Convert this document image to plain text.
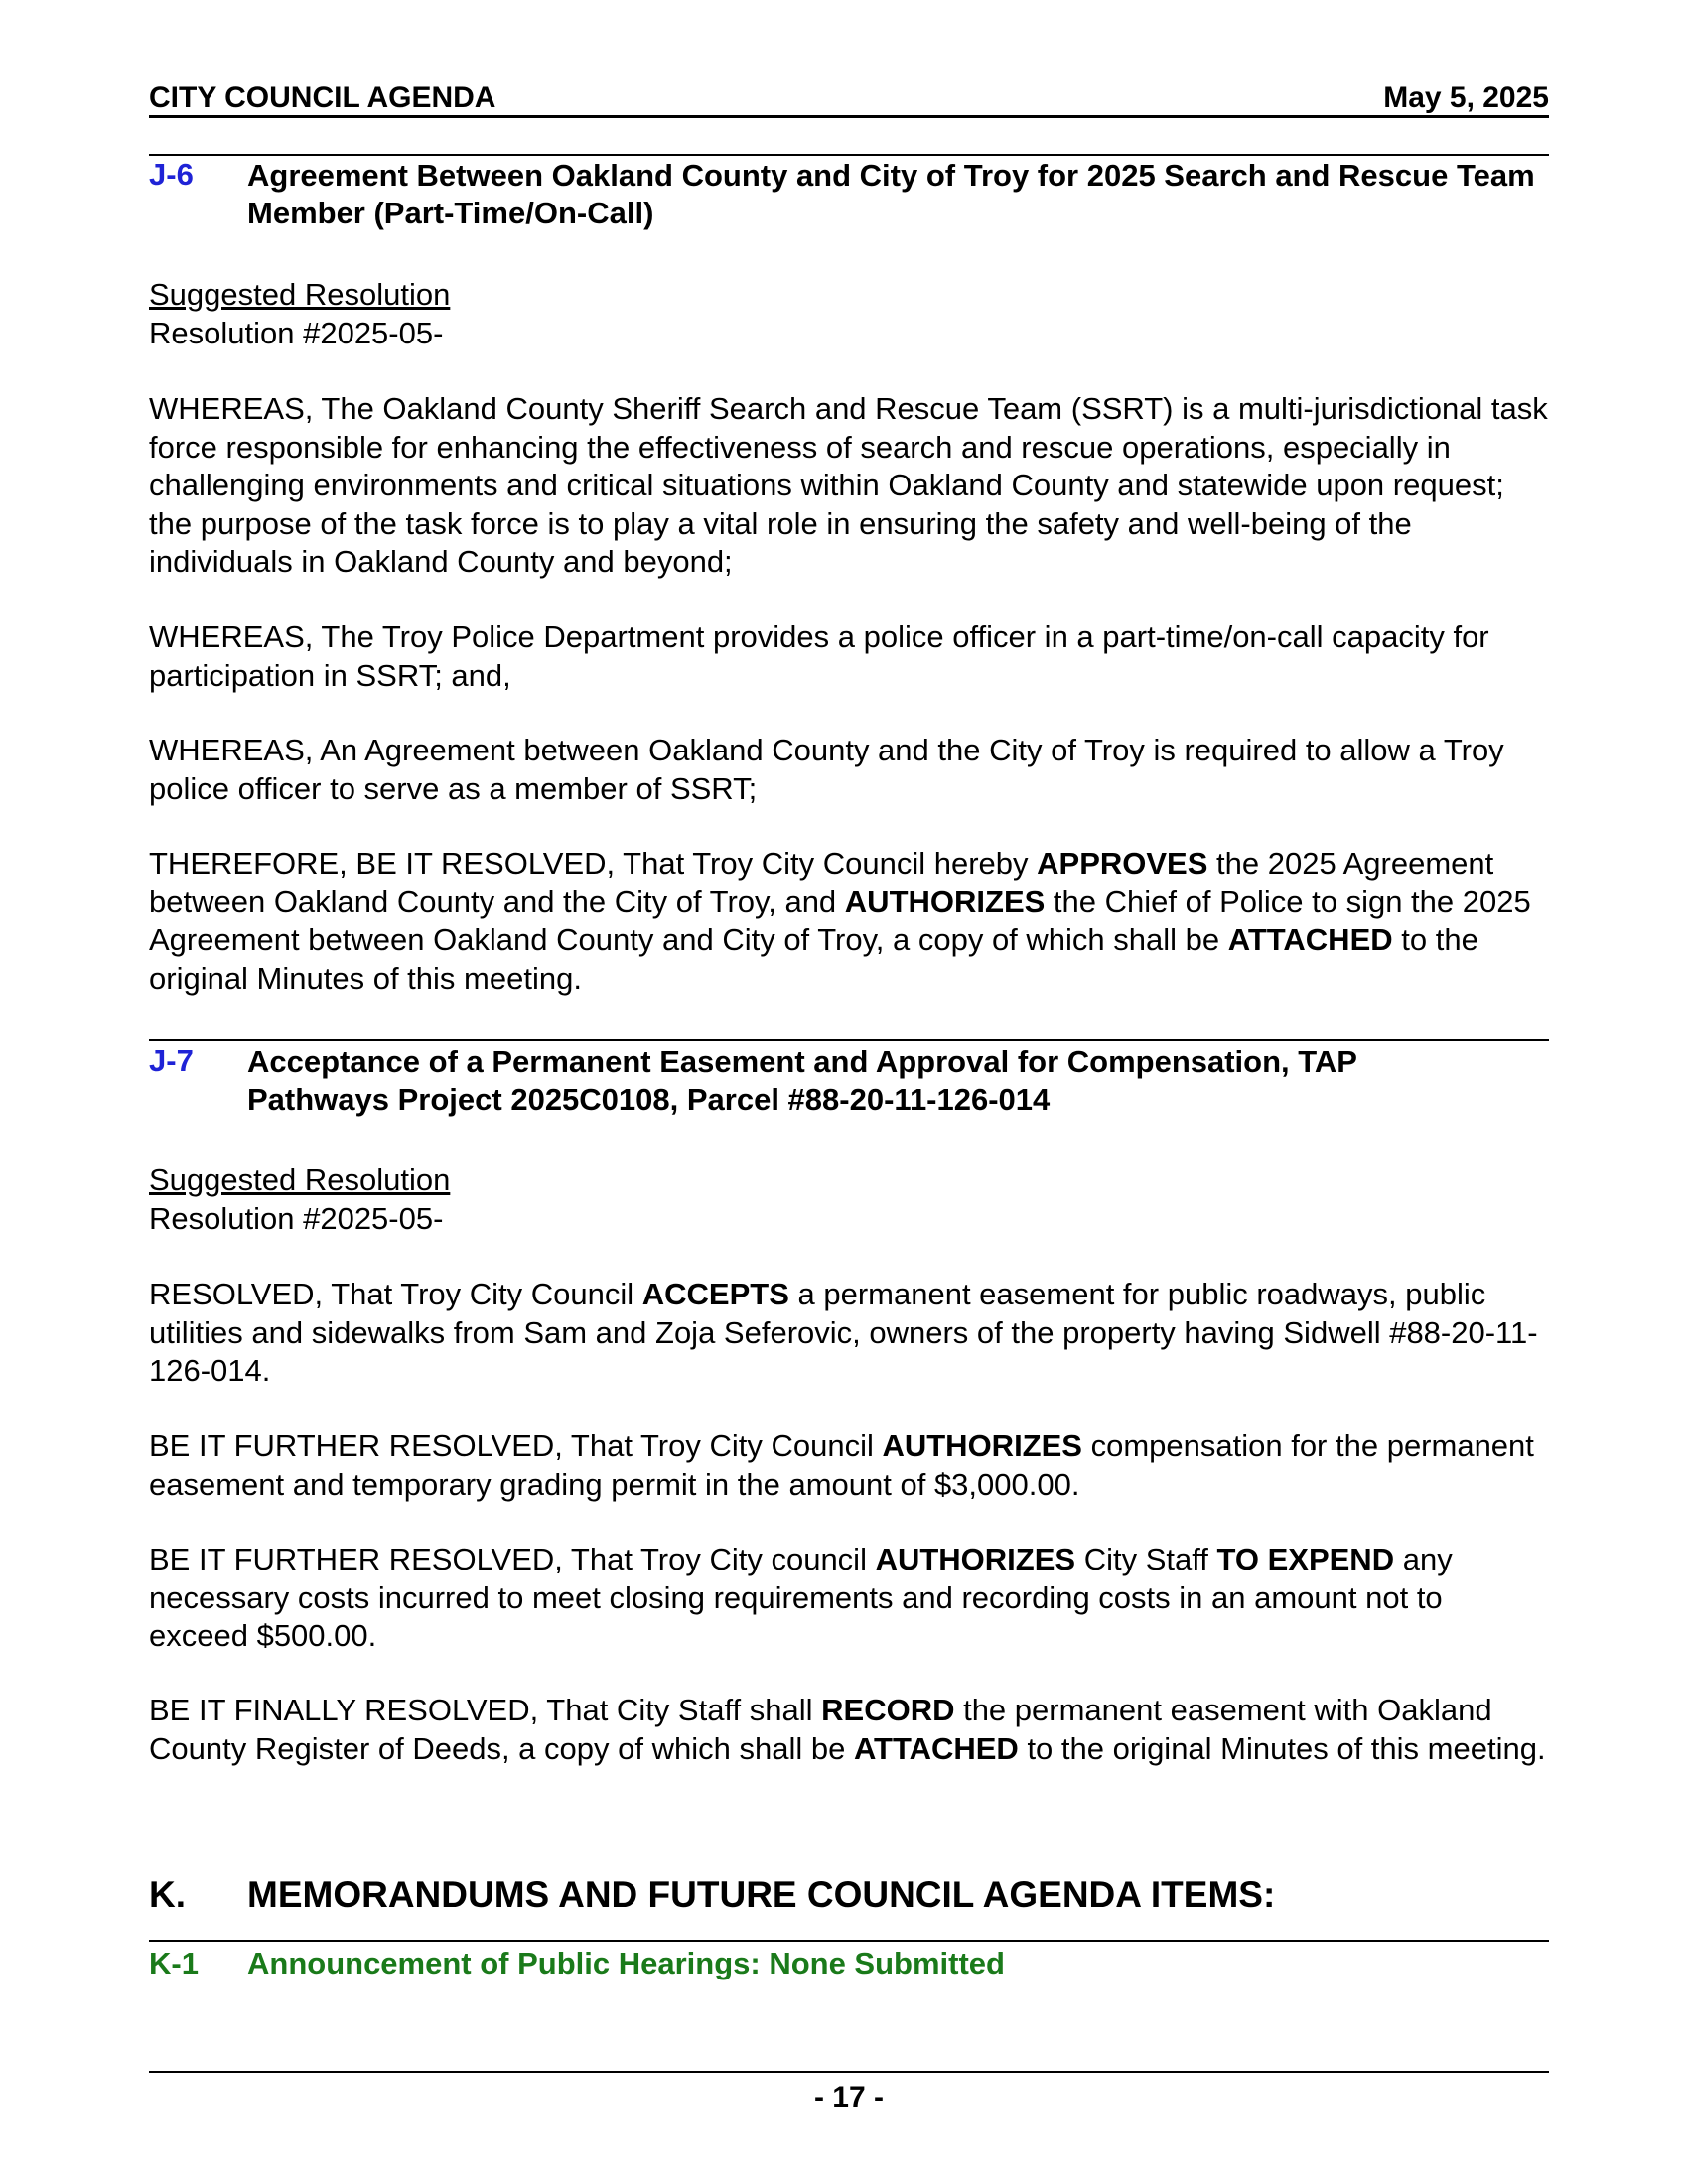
CITY COUNCIL AGENDA	May 5, 2025
J-6 Agreement Between Oakland County and City of Troy for 2025 Search and Rescue Team Member (Part-Time/On-Call)

Suggested Resolution

Resolution #2025-05-

WHEREAS, The Oakland County Sheriff Search and Rescue Team (SSRT) is a multi-jurisdictional task force responsible for enhancing the effectiveness of search and rescue operations, especially in challenging environments and critical situations within Oakland County and statewide upon request; the purpose of the task force is to play a vital role in ensuring the safety and well-being of the individuals in Oakland County and beyond;

WHEREAS, The Troy Police Department provides a police officer in a part-time/on-call capacity for participation in SSRT; and,

WHEREAS, An Agreement between Oakland County and the City of Troy is required to allow a Troy police officer to serve as a member of SSRT;

THEREFORE, BE IT RESOLVED, That Troy City Council hereby APPROVES the 2025 Agreement between Oakland County and the City of Troy, and AUTHORIZES the Chief of Police to sign the 2025 Agreement between Oakland County and City of Troy, a copy of which shall be ATTACHED to the original Minutes of this meeting.

J-7 Acceptance of a Permanent Easement and Approval for Compensation, TAP
Pathways Project 2025C0108, Parcel #88-20-11-126-014

Suggested Resolution

Resolution #2025-05-

RESOLVED, That Troy City Council ACCEPTS a permanent easement for public roadways, public utilities and sidewalks from Sam and Zoja Seferovic, owners of the property having Sidwell #88-20-11-126-014.

BE IT FURTHER RESOLVED, That Troy City Council AUTHORIZES compensation for the permanent easement and temporary grading permit in the amount of $3,000.00.

BE IT FURTHER RESOLVED, That Troy City council AUTHORIZES City Staff TO EXPEND any necessary costs incurred to meet closing requirements and recording costs in an amount not to exceed $500.00.

BE IT FINALLY RESOLVED, That City Staff shall RECORD the permanent easement with Oakland County Register of Deeds, a copy of which shall be ATTACHED to the original Minutes of this meeting.

K. MEMORANDUMS AND FUTURE COUNCIL AGENDA ITEMS:
K-1 Announcement of Public Hearings: None Submitted
- 17 -
